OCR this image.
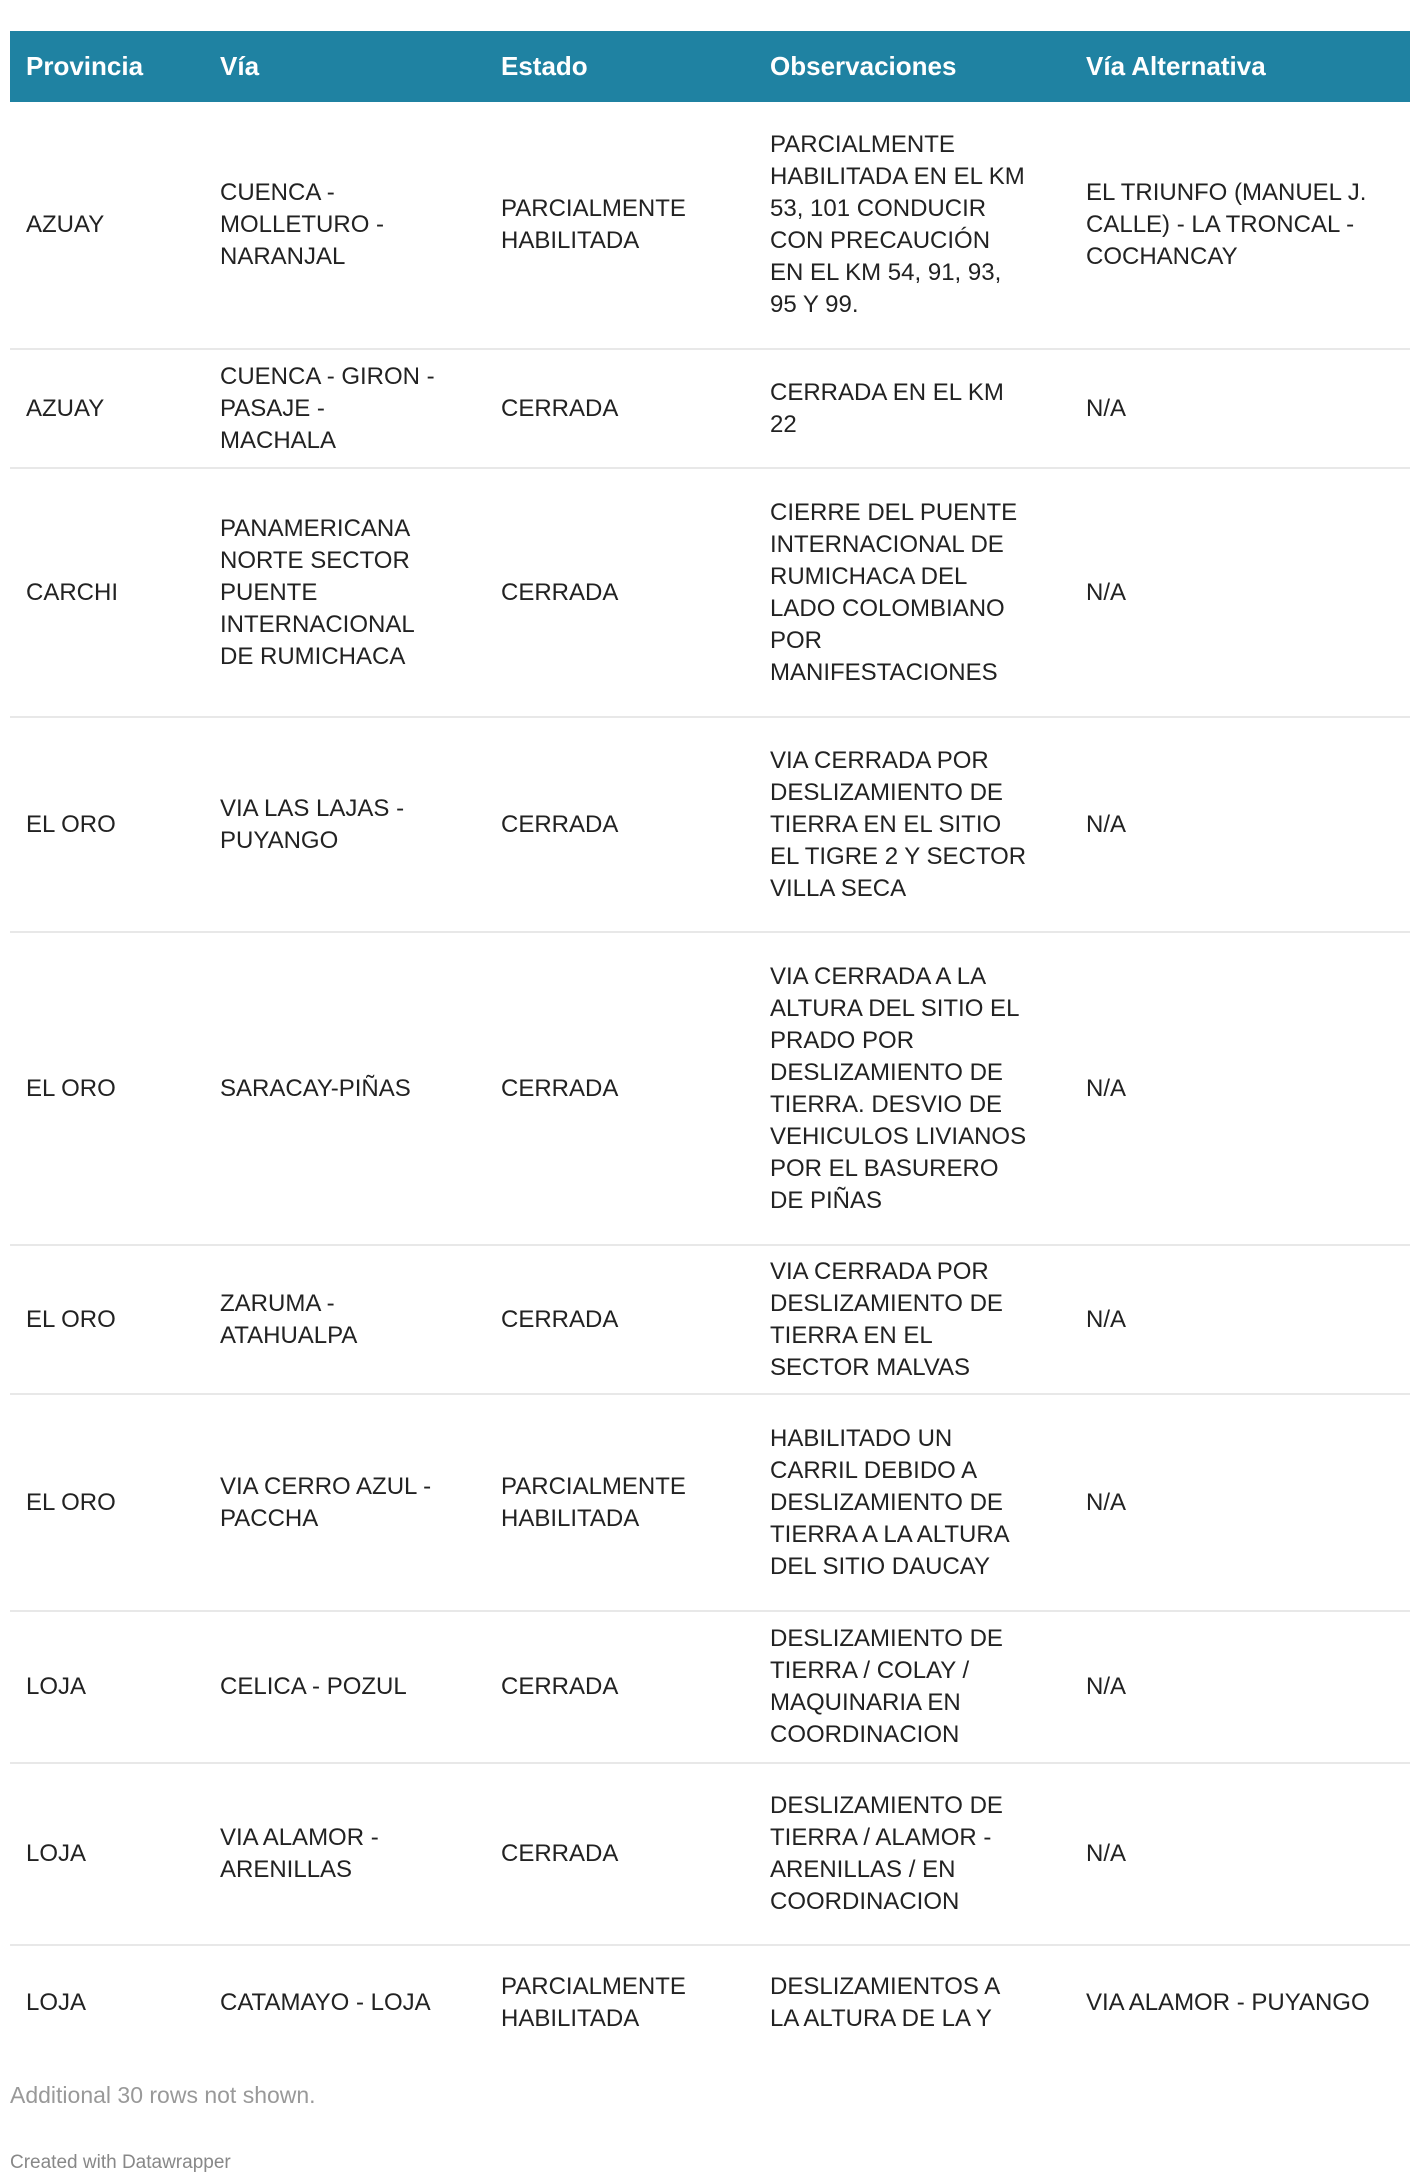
Provincia	Vía	Estado	Observaciones	Vía Alternativa
AZUAY	CUENCA - MOLLETURO - NARANJAL	PARCIALMENTE HABILITADA	PARCIALMENTE HABILITADA EN EL KM 53, 101 CONDUCIR CON PRECAUCIÓN EN EL KM 54, 91, 93, 95 Y 99.	EL TRIUNFO (MANUEL J. CALLE) - LA TRONCAL - COCHANCAY
AZUAY	CUENCA - GIRON -PASAJE - MACHALA	CERRADA	CERRADA EN EL KM 22	N/A
CARCHI	PANAMERICANA NORTE SECTOR PUENTE INTERNACIONAL DE RUMICHACA	CERRADA	CIERRE DEL PUENTE INTERNACIONAL DE RUMICHACA DEL LADO COLOMBIANO POR MANIFESTACIONES	N/A
EL ORO	VIA LAS LAJAS - PUYANGO	CERRADA	VIA CERRADA POR DESLIZAMIENTO DE TIERRA EN EL SITIO EL TIGRE 2 Y SECTOR VILLA SECA	N/A
EL ORO	SARACAY-PIÑAS	CERRADA	VIA CERRADA A LA ALTURA DEL SITIO EL PRADO POR DESLIZAMIENTO DE TIERRA. DESVIO DE VEHICULOS LIVIANOS POR EL BASURERO DE PIÑAS	N/A
EL ORO	ZARUMA - ATAHUALPA	CERRADA	VIA CERRADA POR DESLIZAMIENTO DE TIERRA EN EL SECTOR MALVAS	N/A
EL ORO	VIA CERRO AZUL - PACCHA	PARCIALMENTE HABILITADA	HABILITADO UN CARRIL DEBIDO A DESLIZAMIENTO DE TIERRA A LA ALTURA DEL SITIO DAUCAY	N/A
LOJA	CELICA - POZUL	CERRADA	DESLIZAMIENTO DE TIERRA / COLAY / MAQUINARIA EN COORDINACION	N/A
LOJA	VIA ALAMOR - ARENILLAS	CERRADA	DESLIZAMIENTO DE TIERRA / ALAMOR - ARENILLAS / EN COORDINACION	N/A
LOJA	CATAMAYO - LOJA	PARCIALMENTE HABILITADA	DESLIZAMIENTOS A LA ALTURA DE LA Y	VIA ALAMOR - PUYANGO
Additional 30 rows not shown.
Created with Datawrapper
